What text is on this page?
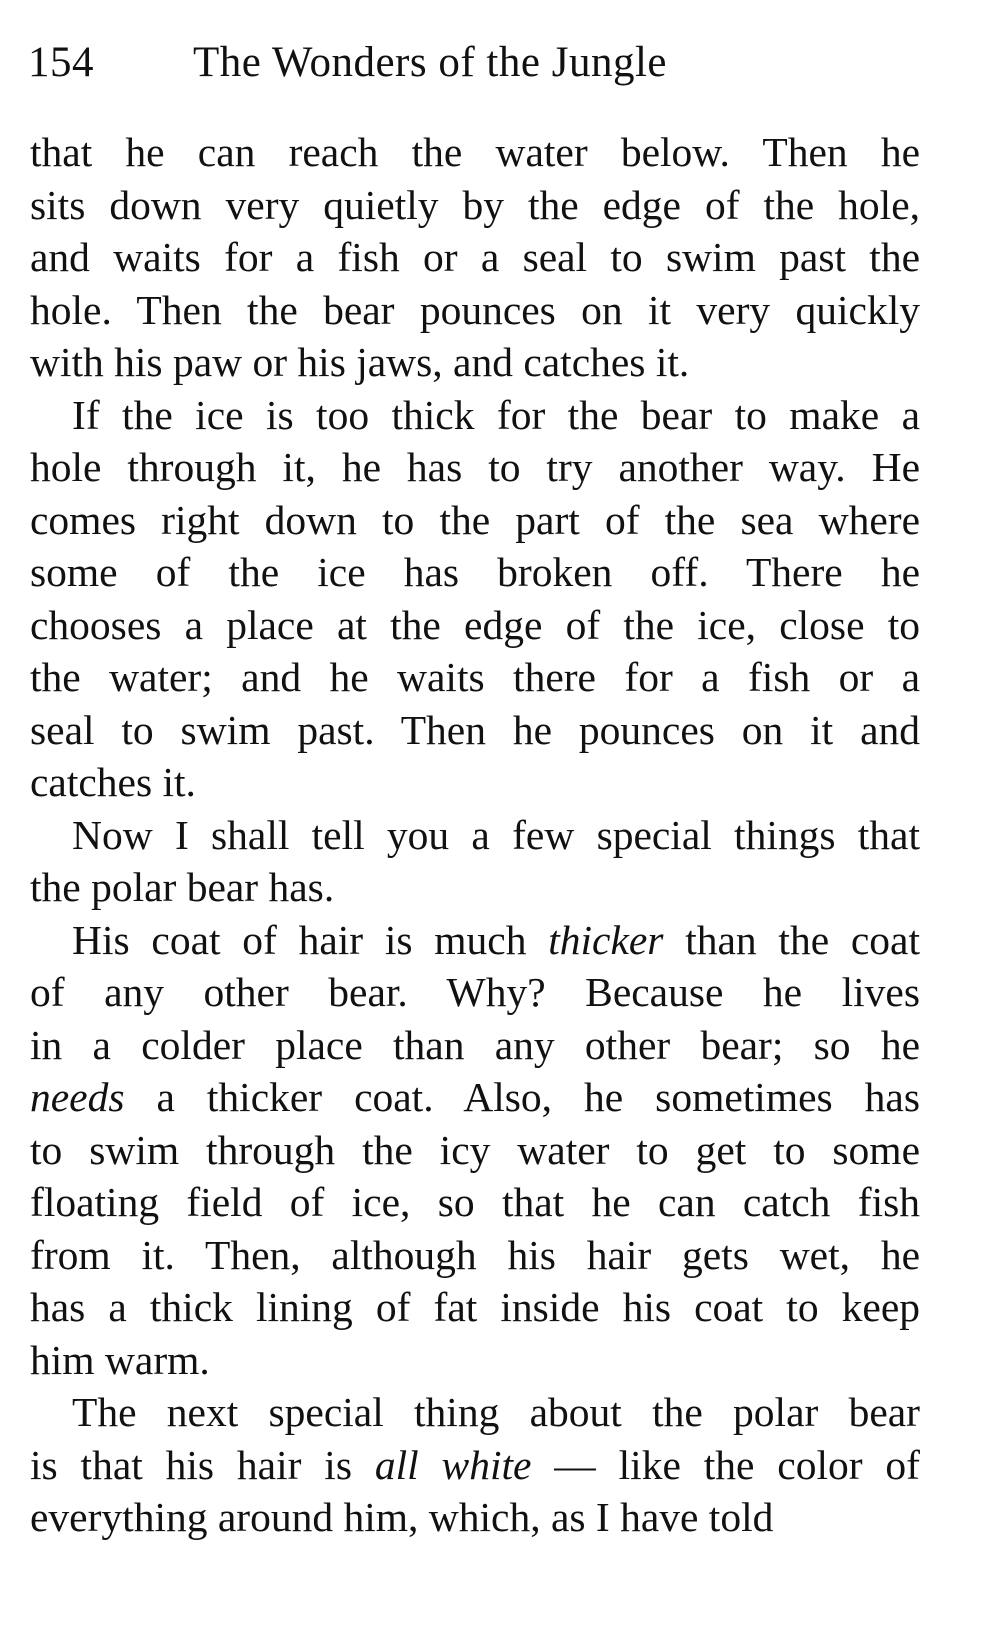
154 The Wonders of the Jungle

that he can reach the water below. Then he
sits down very quietly by the edge of the hole,
and waits for a fish or a seal to swim past the
hole. Then the bear pounces on it very quickly
with his paw or his jaws, and catches it.

If the ice is too thick for the bear to make a
hole through it, he has to try another way. He
comes right down to the part of the sea where
some of the ice has broken off. There he
chooses a place at the edge of the ice, close to
the water; and he waits there for a fish or a
seal to swim past. Then he pounces on it and
catches it.

Now I shall tell you a few special things that
the polar bear has.

His coat of hair is much thicker than the coat
of any other bear. Why? Because he lives
in a colder place than any other bear; so he
needs a thicker coat. Also, he sometimes has
to swim through the icy water to get to some
floating field of ice, so that he can catch fish
from it. Then, although his hair gets wet, he
has a thick lining of fat inside his coat to keep
him warm.

The next special thing about the polar bear
is that his hair is all white — like the color of
everything around him, which, as I have told
